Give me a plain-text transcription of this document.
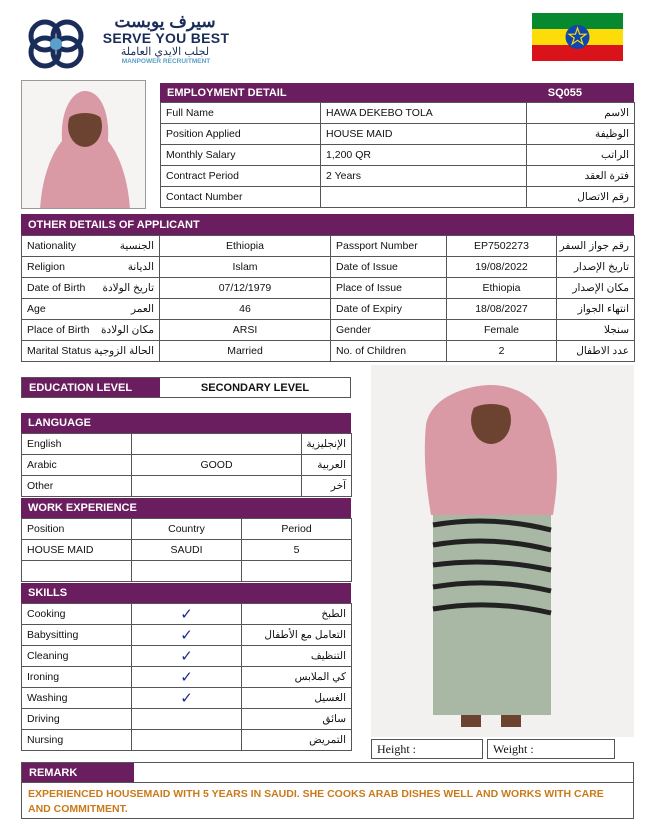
سيرف يوبست
SERVE YOU BEST
لجلب الايدي العاملة
MANPOWER RECRUITMENT
EMPLOYMENT DETAIL	SQ055
Full Name	HAWA DEKEBO TOLA	الاسم
Position Applied	HOUSE MAID	الوظيفة
Monthly Salary	1,200 QR	الراتب
Contract Period	2 Years	فترة العقد
Contact Number		رقم الاتصال
OTHER DETAILS OF APPLICANT
Nationality الجنسية	Ethiopia	Passport Number	EP7502273	رقم جواز السفر

Religion الديانة	Islam	Date of Issue	19/08/2022	تاريخ الإصدار

Date of Birth تاريخ الولادة	07/12/1979	Place of Issue	Ethiopia	مكان الإصدار

Age العمر	46	Date of Expiry	18/08/2027	انتهاء الجواز

Place of Birth مكان الولادة	ARSI	Gender	Female	سنجلا

Marital Status الحالة الزوجية	Married	No. of Children	2	عدد الاطفال
EDUCATION LEVEL	SECONDARY LEVEL
LANGUAGE
English		الإنجليزية
Arabic	GOOD	العربية
Other		آخر
WORK EXPERIENCE
Position	Country	Period
HOUSE MAID	SAUDI	5

SKILLS
Cooking	✓	الطبخ
Babysitting	✓	التعامل مع الأطفال
Cleaning	✓	التنظيف
Ironing	✓	كي الملابس
Washing	✓	الغسيل
Driving		سائق
Nursing		التمريض
Height :	Weight :
REMARK
EXPERIENCED HOUSEMAID WITH 5 YEARS IN SAUDI. SHE COOKS ARAB DISHES WELL AND WORKS WITH CARE AND COMMITMENT.
